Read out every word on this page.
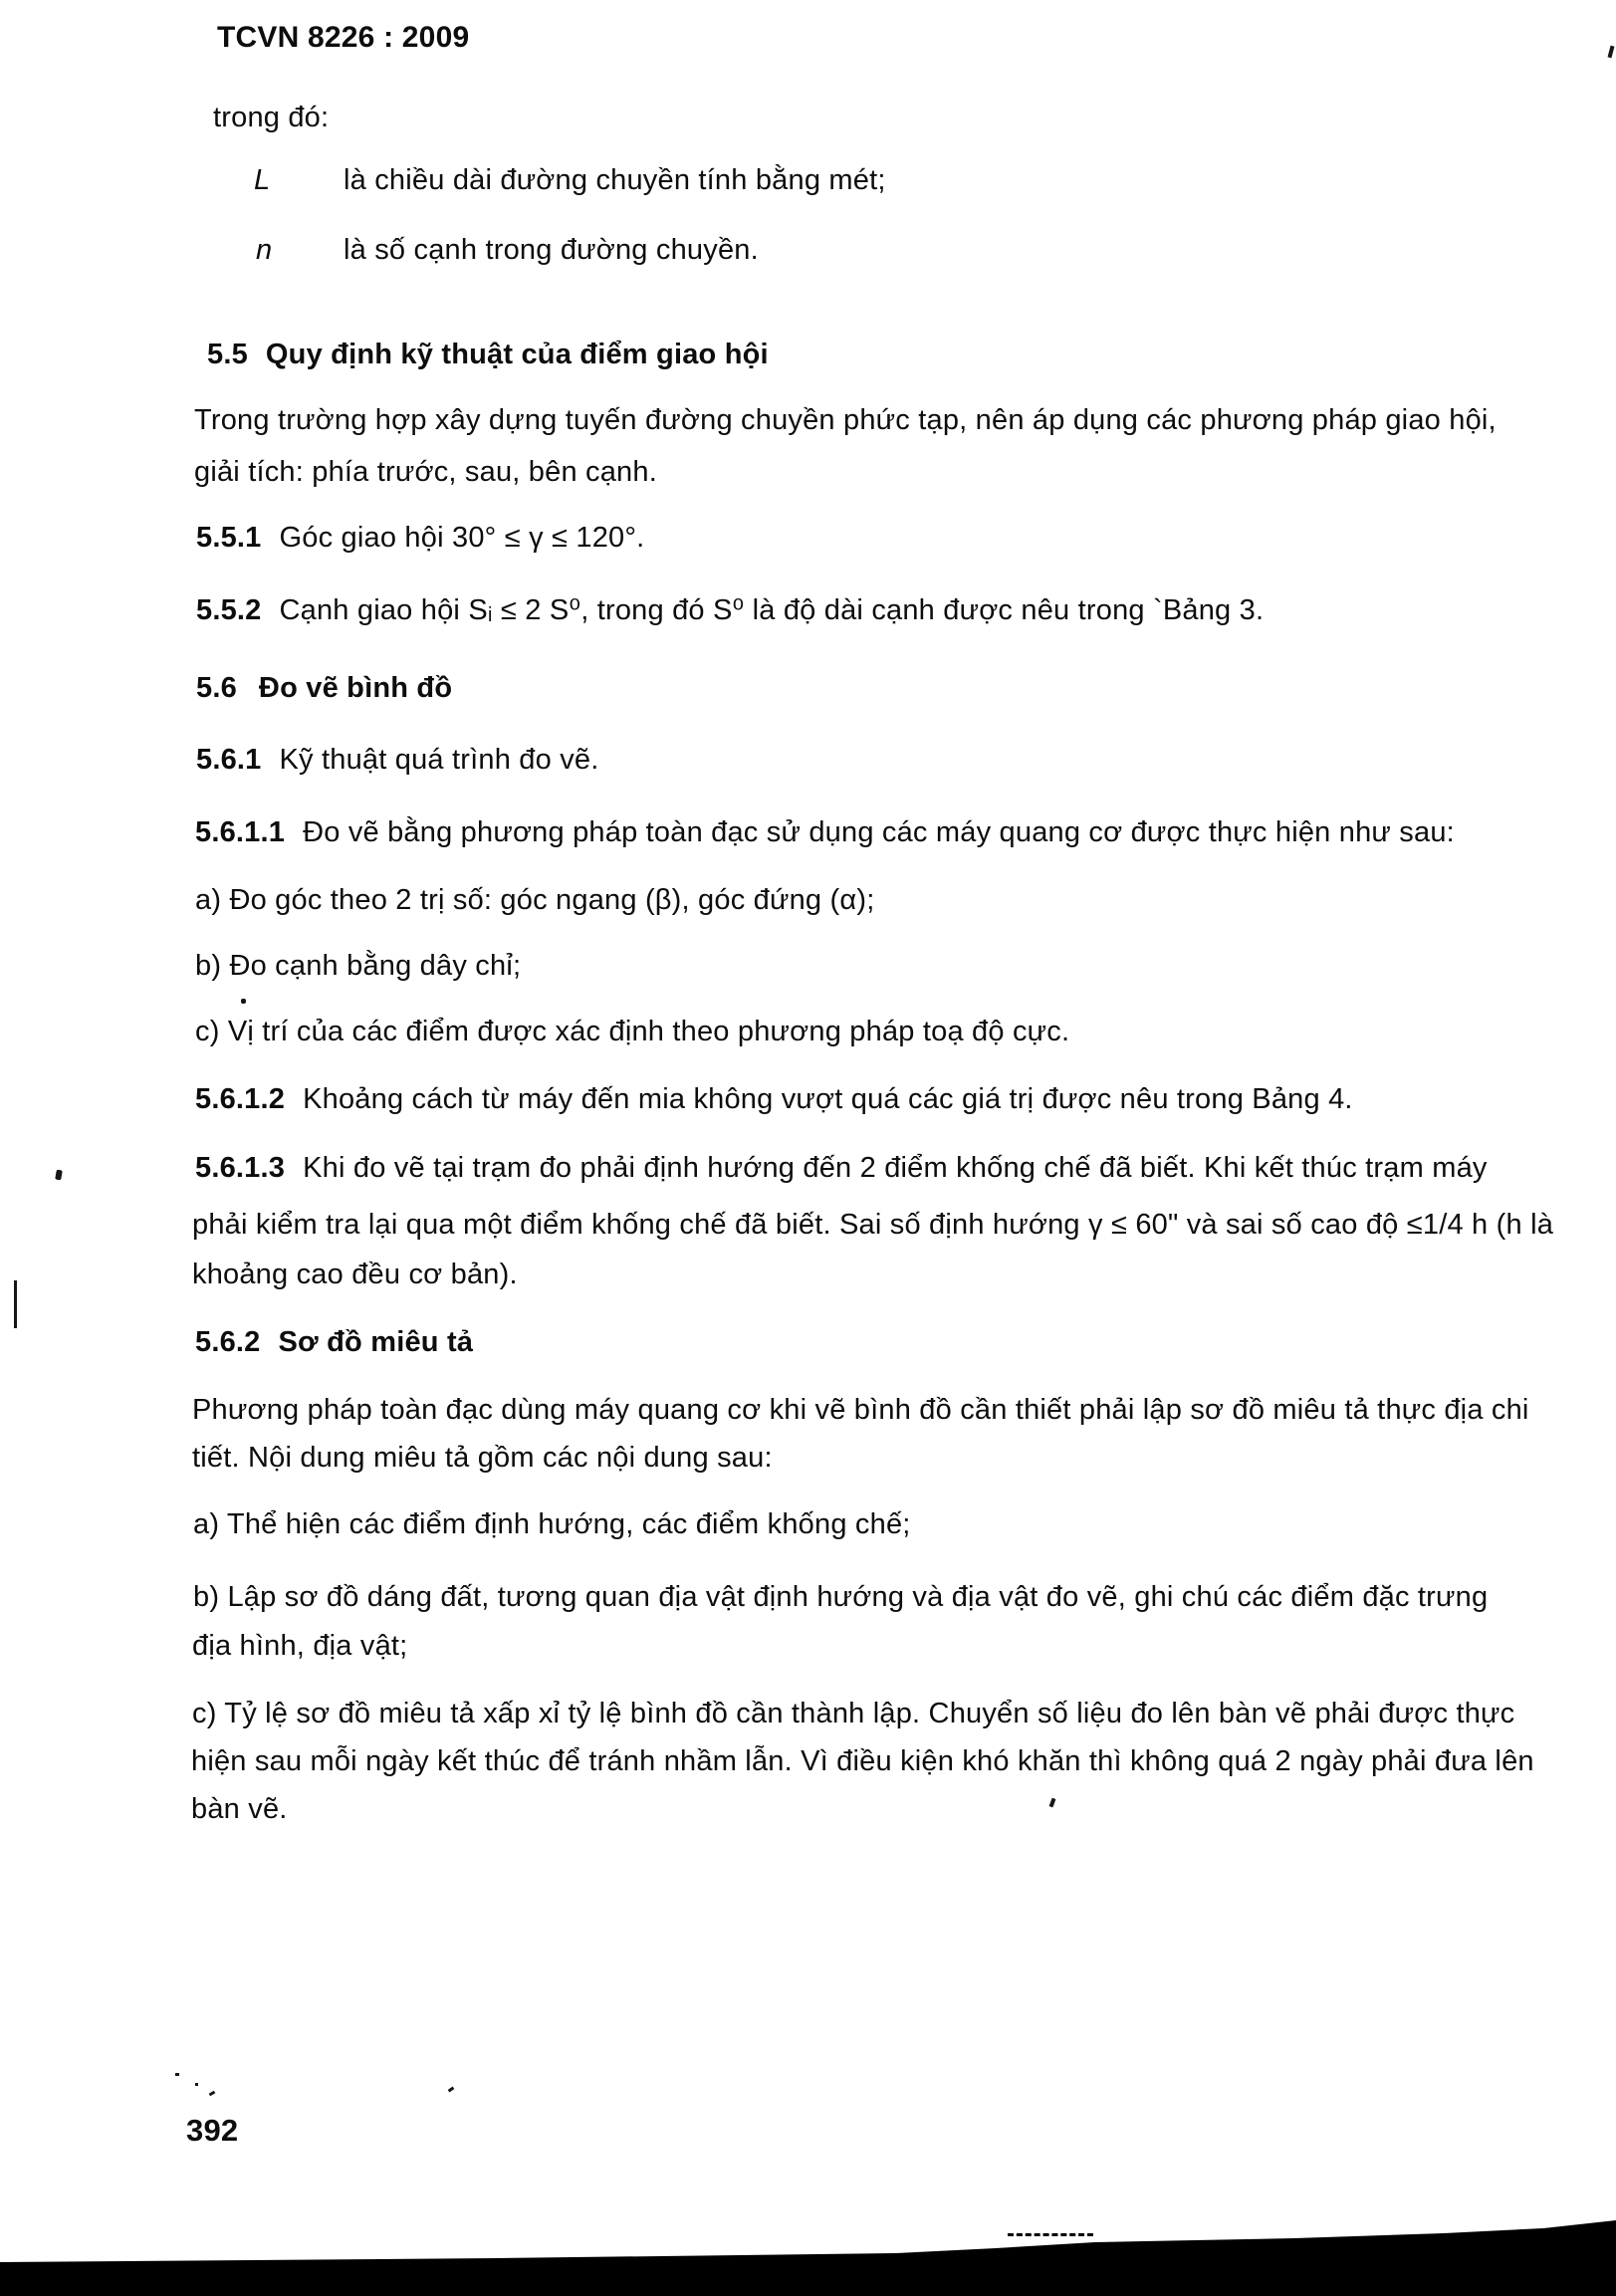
TCVN 8226 : 2009
trong đó:
L	là chiều dài đường chuyền tính bằng mét;
n là số cạnh trong đường chuyền.
5.5 Quy định kỹ thuật của điểm giao hội
Trong trường hợp xây dựng tuyến đường chuyền phức tạp, nên áp dụng các phương pháp giao hội,
giải tích: phía trước, sau, bên cạnh.
5.5.1 Góc giao hội 30° ≤ γ ≤ 120°.
5.5.2 Cạnh giao hội Sᵢ ≤ 2 S⁰, trong đó S⁰ là độ dài cạnh được nêu trong `Bảng 3.
5.6 Đo vẽ bình đồ
5.6.1 Kỹ thuật quá trình đo vẽ.
5.6.1.1 Đo vẽ bằng phương pháp toàn đạc sử dụng các máy quang cơ được thực hiện như sau:
a) Đo góc theo 2 trị số: góc ngang (β), góc đứng (α);
b) Đo cạnh bằng dây chỉ;
c) Vị trí của các điểm được xác định theo phương pháp toạ độ cực.
5.6.1.2 Khoảng cách từ máy đến mia không vượt quá các giá trị được nêu trong Bảng 4.
5.6.1.3 Khi đo vẽ tại trạm đo phải định hướng đến 2 điểm khống chế đã biết. Khi kết thúc trạm máy
phải kiểm tra lại qua một điểm khống chế đã biết. Sai số định hướng γ ≤ 60" và sai số cao độ ≤1/4 h (h là
khoảng cao đều cơ bản).
5.6.2 Sơ đồ miêu tả
Phương pháp toàn đạc dùng máy quang cơ khi vẽ bình đồ cần thiết phải lập sơ đồ miêu tả thực địa chi
tiết. Nội dung miêu tả gồm các nội dung sau:
a) Thể hiện các điểm định hướng, các điểm khống chế;
b) Lập sơ đồ dáng đất, tương quan địa vật định hướng và địa vật đo vẽ, ghi chú các điểm đặc trưng
địa hình, địa vật;
c) Tỷ lệ sơ đồ miêu tả xấp xỉ tỷ lệ bình đồ cần thành lập. Chuyển số liệu đo lên bàn vẽ phải được thực
hiện sau mỗi ngày kết thúc để tránh nhầm lẫn. Vì điều kiện khó khăn thì không quá 2 ngày phải đưa lên
bàn vẽ.
392
